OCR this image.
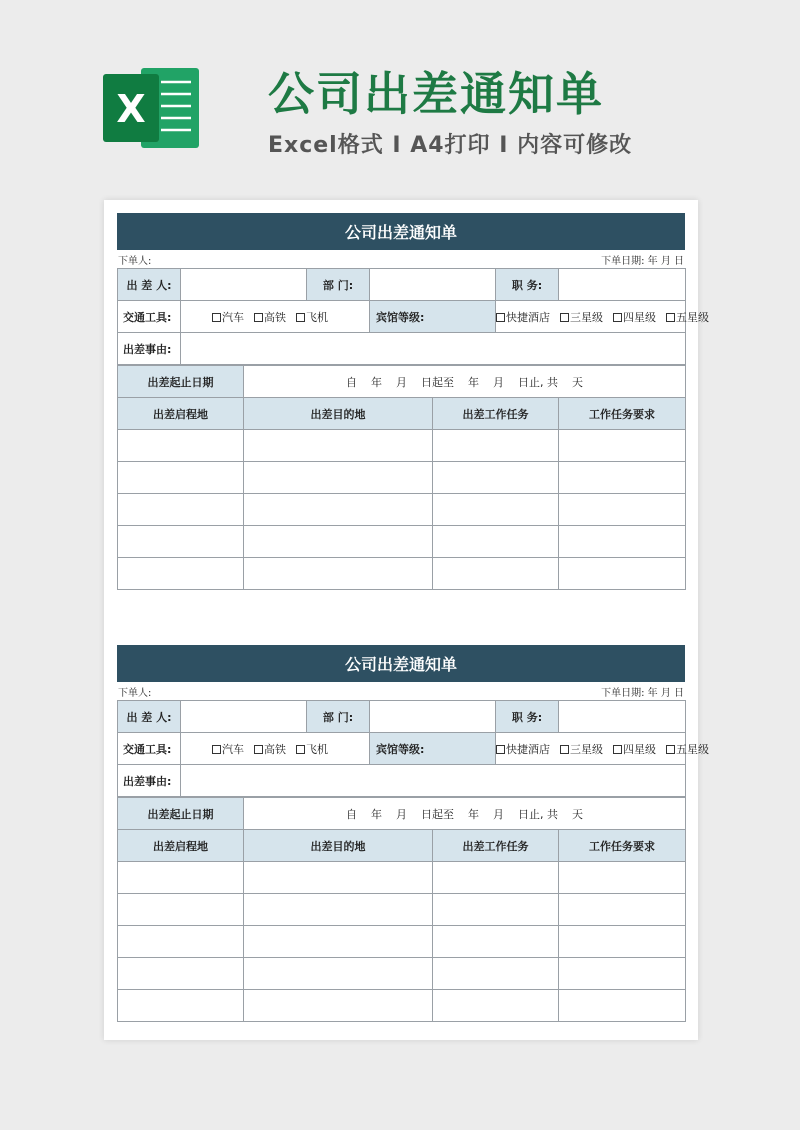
X	公司出差通知单
Excel格式 I A4打印 I 内容可修改
公司出差通知单
下单人:	下单日期: 年 月 日
出 差 人:		部 门:		职 务:	
交通工具:	汽车 高铁 飞机		宾馆等级:	快捷酒店 三星级 四星级 五星级	
出差事由:					
出差起止日期	自    年    月    日起至    年    月    日止, 共    天		
出差启程地	出差目的地	出差工作任务	工作任务要求

公司出差通知单
下单人:	下单日期: 年 月 日
出 差 人:		部 门:		职 务:	
交通工具:	汽车 高铁 飞机		宾馆等级:	快捷酒店 三星级 四星级 五星级	
出差事由:					
出差起止日期	自    年    月    日起至    年    月    日止, 共    天		
出差启程地	出差目的地	出差工作任务	工作任务要求
